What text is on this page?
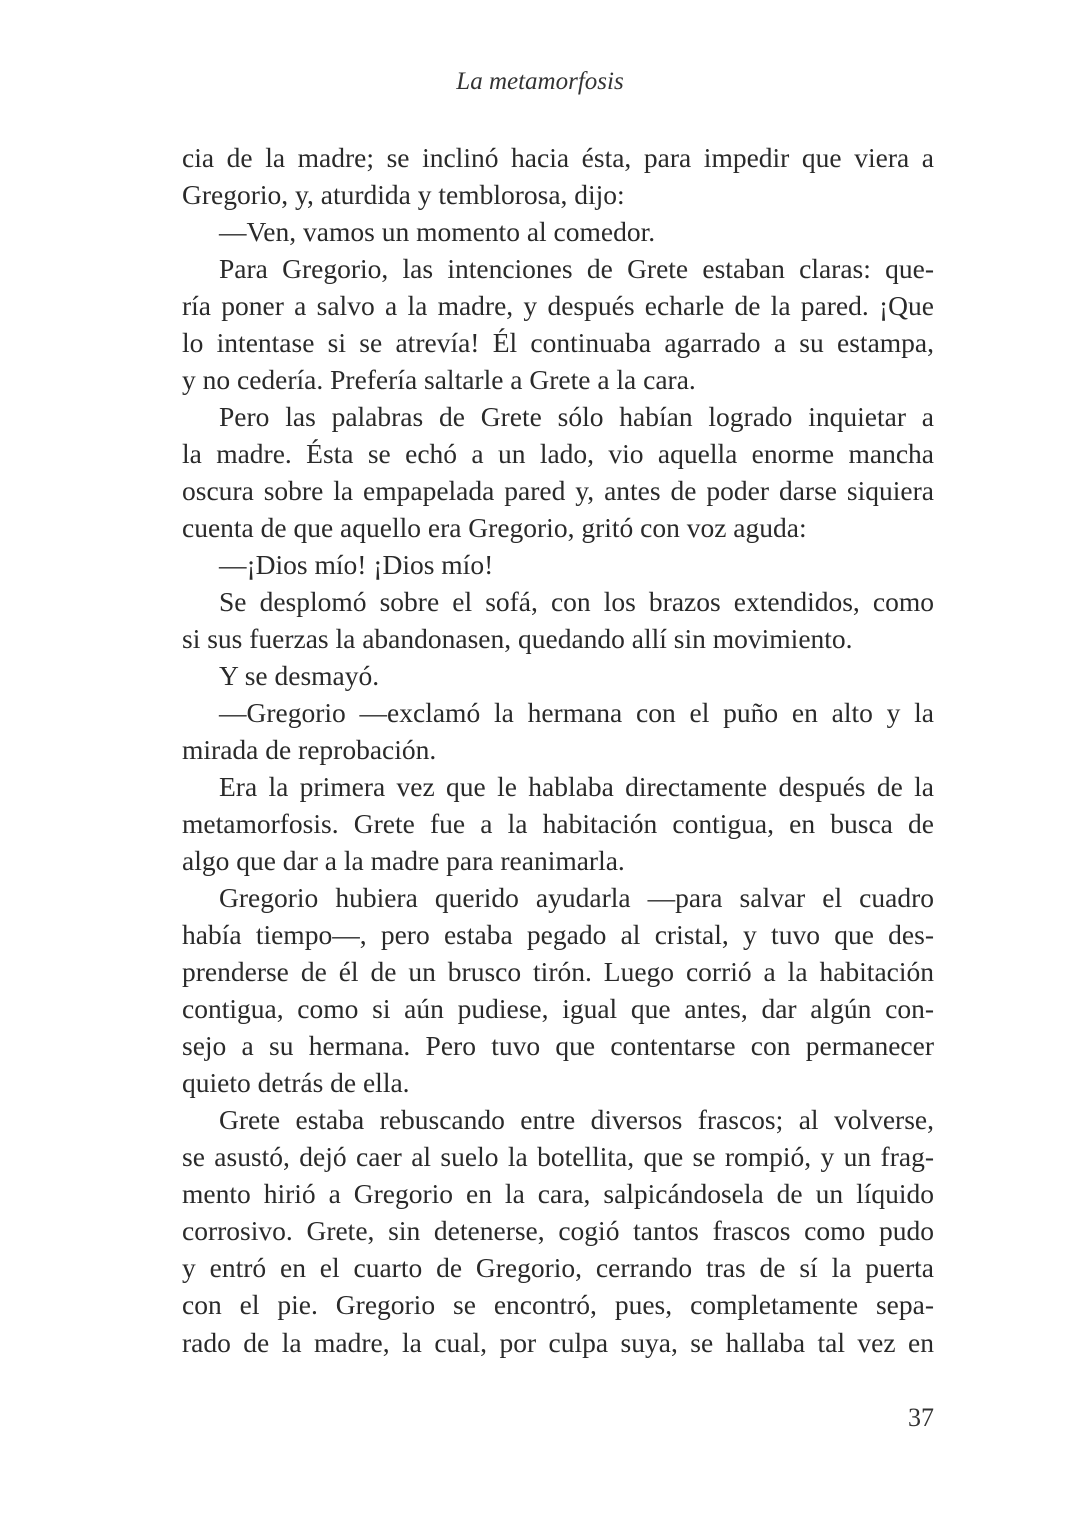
La metamorfosis
cia de la madre; se inclinó hacia ésta, para impedir que viera a
Gregorio, y, aturdida y temblorosa, dijo:
—Ven, vamos un momento al comedor.
Para Gregorio, las intenciones de Grete estaban claras: que-
ría poner a salvo a la madre, y después echarle de la pared. ¡Que
lo intentase si se atrevía! Él continuaba agarrado a su estampa,
y no cedería. Prefería saltarle a Grete a la cara.
Pero las palabras de Grete sólo habían logrado inquietar a
la madre. Ésta se echó a un lado, vio aquella enorme mancha
oscura sobre la empapelada pared y, antes de poder darse siquiera
cuenta de que aquello era Gregorio, gritó con voz aguda:
—¡Dios mío! ¡Dios mío!
Se desplomó sobre el sofá, con los brazos extendidos, como
si sus fuerzas la abandonasen, quedando allí sin movimiento.
Y se desmayó.
—Gregorio —exclamó la hermana con el puño en alto y la
mirada de reprobación.
Era la primera vez que le hablaba directamente después de la
metamorfosis. Grete fue a la habitación contigua, en busca de
algo que dar a la madre para reanimarla.
Gregorio hubiera querido ayudarla —para salvar el cuadro
había tiempo—, pero estaba pegado al cristal, y tuvo que des-
prenderse de él de un brusco tirón. Luego corrió a la habitación
contigua, como si aún pudiese, igual que antes, dar algún con-
sejo a su hermana. Pero tuvo que contentarse con permanecer
quieto detrás de ella.
Grete estaba rebuscando entre diversos frascos; al volverse,
se asustó, dejó caer al suelo la botellita, que se rompió, y un frag-
mento hirió a Gregorio en la cara, salpicándosela de un líquido
corrosivo. Grete, sin detenerse, cogió tantos frascos como pudo
y entró en el cuarto de Gregorio, cerrando tras de sí la puerta
con el pie. Gregorio se encontró, pues, completamente sepa-
rado de la madre, la cual, por culpa suya, se hallaba tal vez en
37
